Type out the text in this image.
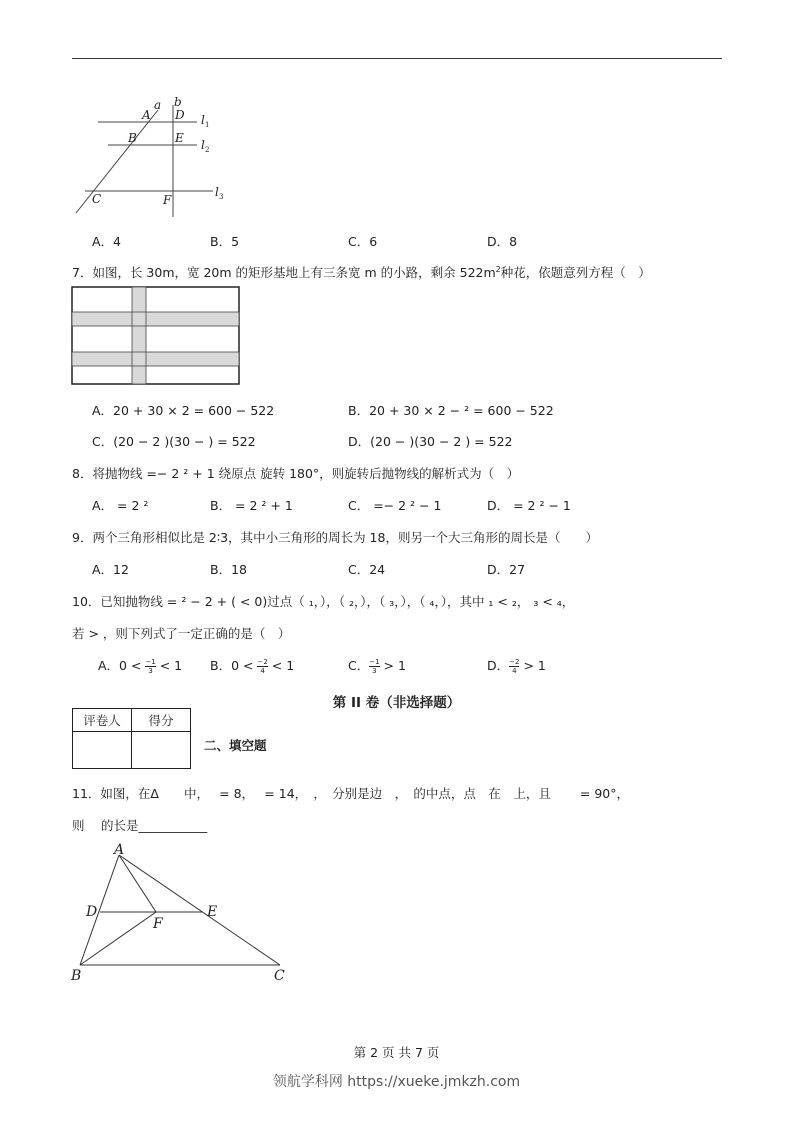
a b
A D l 1
B	E l 2
C	F
l 3
A．4	B．5	C．6	D．8
7．如图，长 30m，宽 20m 的矩形基地上有三条宽 m 的小路，剩余 $522m^2$种花，依题意列方程（　）
A．20 + 30 × 2 = 600 − 522	B．20 + 30 × 2 − ² = 600 − 522
C．(20 − 2 )(30 − ) = 522	D．(20 − )(30 − 2 ) = 522
8．将抛物线 =− 2 ² + 1 绕原点 旋转 180°，则旋转后抛物线的解析式为（　）
A． = 2 ²	B． = 2 ² + 1	C． =− 2 ² − 1	D． = 2 ² − 1
9．两个三角形相似比是 2∶3，其中小三角形的周长为 18，则另一个大三角形的周长是（　　）
A．12	B．18	C．24	D．27
10．已知抛物线 = ² − 2 + ( < 0)过点（ ₁，），（ ₂，），（ ₃，），（ ₄，），其中 ₁ < ₂， ₃ < ₄，
若 > ，则下列式了一定正确的是（　）
A．$0 < \frac{-1}{3} < 1$ B．$0 < \frac{-2}{4} < 1$	C． $\frac{-1}{3} > 1$	D． $\frac{-2}{4} > 1$
第 II 卷（非选择题）
评卷人	得分

二、填空题
11．如图，在Δ　　中，　 = 8，　 = 14，　，　分别是边　，　的中点，点　在　上，且　　 = 90°，
则　 的长是___________
A
D	E
F
B	C
第 2 页 共 7 页
领航学科网 https://xueke.jmkzh.com
